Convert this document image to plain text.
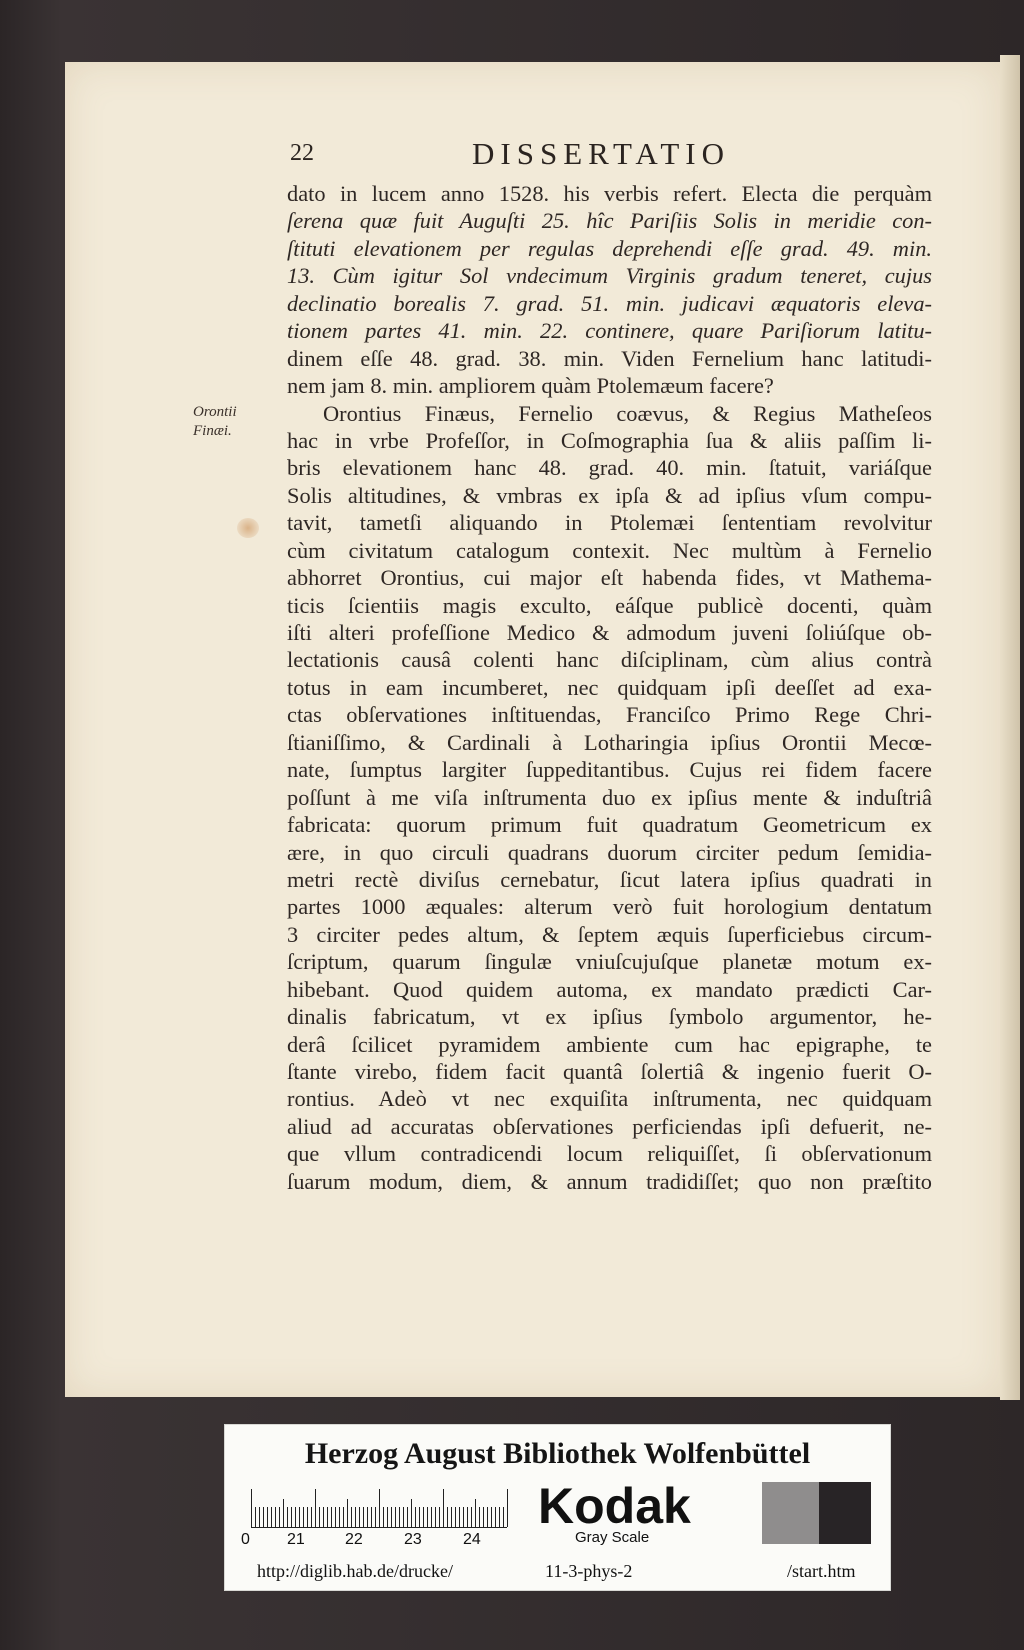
22	DISSERTATIO
Orontii
Finæi.
dato in lucem anno 1528. his verbis refert. Electa die perquàm
ſerena quæ fuit Auguſti 25. hîc Pariſiis Solis in meridie con-
ſtituti elevationem per regulas deprehendi eſſe grad. 49. min.
13. Cùm igitur Sol vndecimum Virginis gradum teneret, cujus
declinatio borealis 7. grad. 51. min. judicavi æquatoris eleva-
tionem partes 41. min. 22. continere, quare Pariſiorum latitu-
dinem eſſe 48. grad. 38. min. Viden Fernelium hanc latitudi-
nem jam 8. min. ampliorem quàm Ptolemæum facere?
Orontius Finæus, Fernelio coævus, & Regius Matheſeos
hac in vrbe Profeſſor, in Coſmographia ſua & aliis paſſim li-
bris elevationem hanc 48. grad. 40. min. ſtatuit, variáſque
Solis altitudines, & vmbras ex ipſa & ad ipſius vſum compu-
tavit, tametſi aliquando in Ptolemæi ſententiam revolvitur
cùm civitatum catalogum contexit. Nec multùm à Fernelio
abhorret Orontius, cui major eſt habenda fides, vt Mathema-
ticis ſcientiis magis exculto, eáſque publicè docenti, quàm
iſti alteri profeſſione Medico & admodum juveni ſoliúſque ob-
lectationis causâ colenti hanc diſciplinam, cùm alius contrà
totus in eam incumberet, nec quidquam ipſi deeſſet ad exa-
ctas obſervationes inſtituendas, Franciſco Primo Rege Chri-
ſtianiſſimo, & Cardinali à Lotharingia ipſius Orontii Mecœ-
nate, ſumptus largiter ſuppeditantibus. Cujus rei fidem facere
poſſunt à me viſa inſtrumenta duo ex ipſius mente & induſtriâ
fabricata: quorum primum fuit quadratum Geometricum ex
ære, in quo circuli quadrans duorum circiter pedum ſemidia-
metri rectè diviſus cernebatur, ſicut latera ipſius quadrati in
partes 1000 æquales: alterum verò fuit horologium dentatum
3 circiter pedes altum, & ſeptem æquis ſuperficiebus circum-
ſcriptum, quarum ſingulæ vniuſcujuſque planetæ motum ex-
hibebant. Quod quidem automa, ex mandato prædicti Car-
dinalis fabricatum, vt ex ipſius ſymbolo argumentor, he-
derâ ſcilicet pyramidem ambiente cum hac epigraphe, te
ſtante virebo, fidem facit quantâ ſolertiâ & ingenio fuerit O-
rontius. Adeò vt nec exquiſita inſtrumenta, nec quidquam
aliud ad accuratas obſervationes perficiendas ipſi defuerit, ne-
que vllum contradicendi locum reliquiſſet, ſi obſervationum
ſuarum modum, diem, & annum tradidiſſet; quo non præſtito
Herzog August Bibliothek Wolfenbüttel
0 21	22	23	24
Kodak
Gray Scale
http://diglib.hab.de/drucke/	11-3-phys-2	/start.htm
